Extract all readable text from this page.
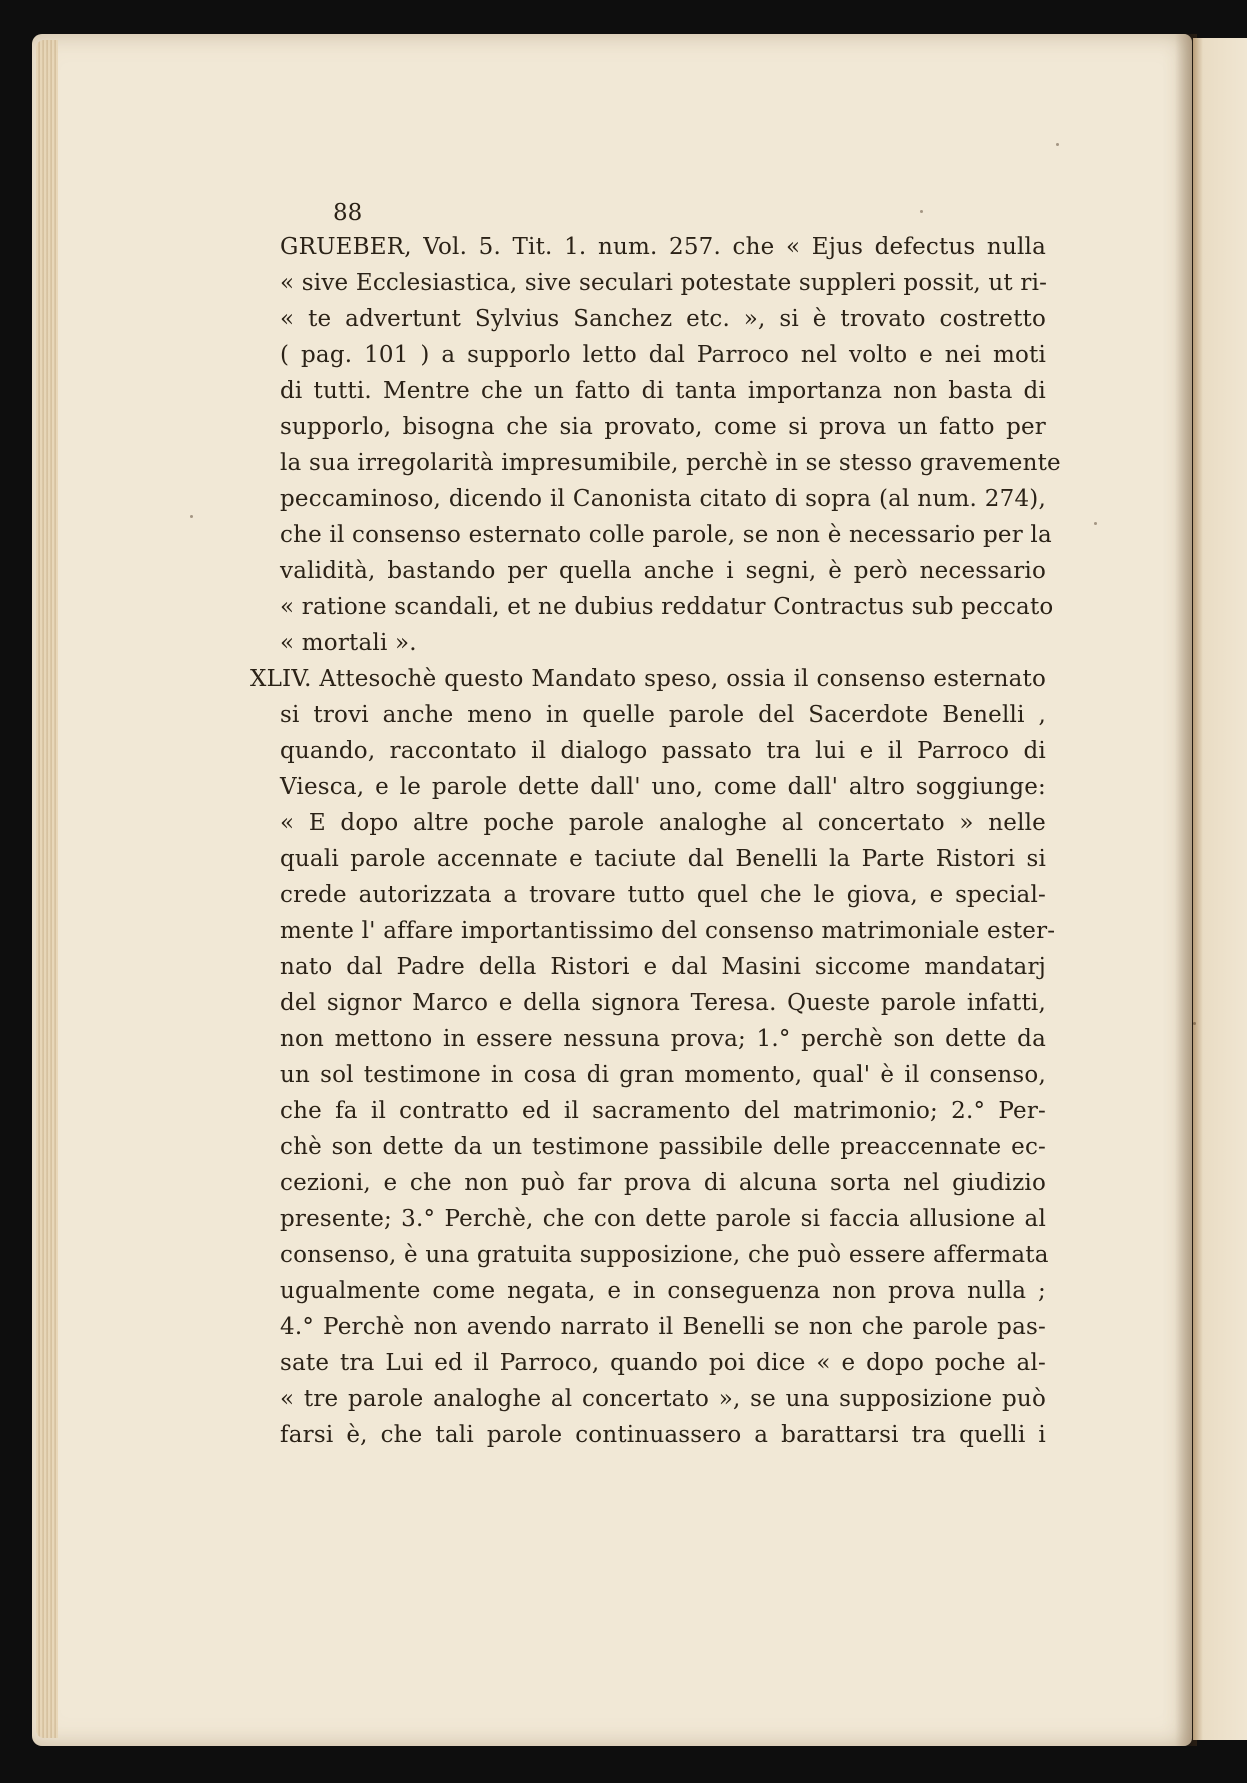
88
GRUEBER, Vol. 5. Tit. 1. num. 257. che « Ejus defectus nulla
« sive Ecclesiastica, sive seculari potestate suppleri possit, ut ri-
« te advertunt Sylvius Sanchez etc. », si è trovato costretto
( pag. 101 ) a supporlo letto dal Parroco nel volto e nei moti
di tutti. Mentre che un fatto di tanta importanza non basta di
supporlo, bisogna che sia provato, come si prova un fatto per
la sua irregolarità impresumibile, perchè in se stesso gravemente
peccaminoso, dicendo il Canonista citato di sopra (al num. 274),
che il consenso esternato colle parole, se non è necessario per la
validità, bastando per quella anche i segni, è però necessario
« ratione scandali, et ne dubius reddatur Contractus sub peccato
« mortali ».
XLIV. Attesochè questo Mandato speso, ossia il consenso esternato
si trovi anche meno in quelle parole del Sacerdote Benelli ,
quando, raccontato il dialogo passato tra lui e il Parroco di
Viesca, e le parole dette dall' uno, come dall' altro soggiunge:
« E dopo altre poche parole analoghe al concertato » nelle
quali parole accennate e taciute dal Benelli la Parte Ristori si
crede autorizzata a trovare tutto quel che le giova, e special-
mente l' affare importantissimo del consenso matrimoniale ester-
nato dal Padre della Ristori e dal Masini siccome mandatarj
del signor Marco e della signora Teresa. Queste parole infatti,
non mettono in essere nessuna prova; 1.° perchè son dette da
un sol testimone in cosa di gran momento, qual' è il consenso,
che fa il contratto ed il sacramento del matrimonio; 2.° Per-
chè son dette da un testimone passibile delle preaccennate ec-
cezioni, e che non può far prova di alcuna sorta nel giudizio
presente; 3.° Perchè, che con dette parole si faccia allusione al
consenso, è una gratuita supposizione, che può essere affermata
ugualmente come negata, e in conseguenza non prova nulla ;
4.° Perchè non avendo narrato il Benelli se non che parole pas-
sate tra Lui ed il Parroco, quando poi dice « e dopo poche al-
« tre parole analoghe al concertato », se una supposizione può
farsi è, che tali parole continuassero a barattarsi tra quelli i
